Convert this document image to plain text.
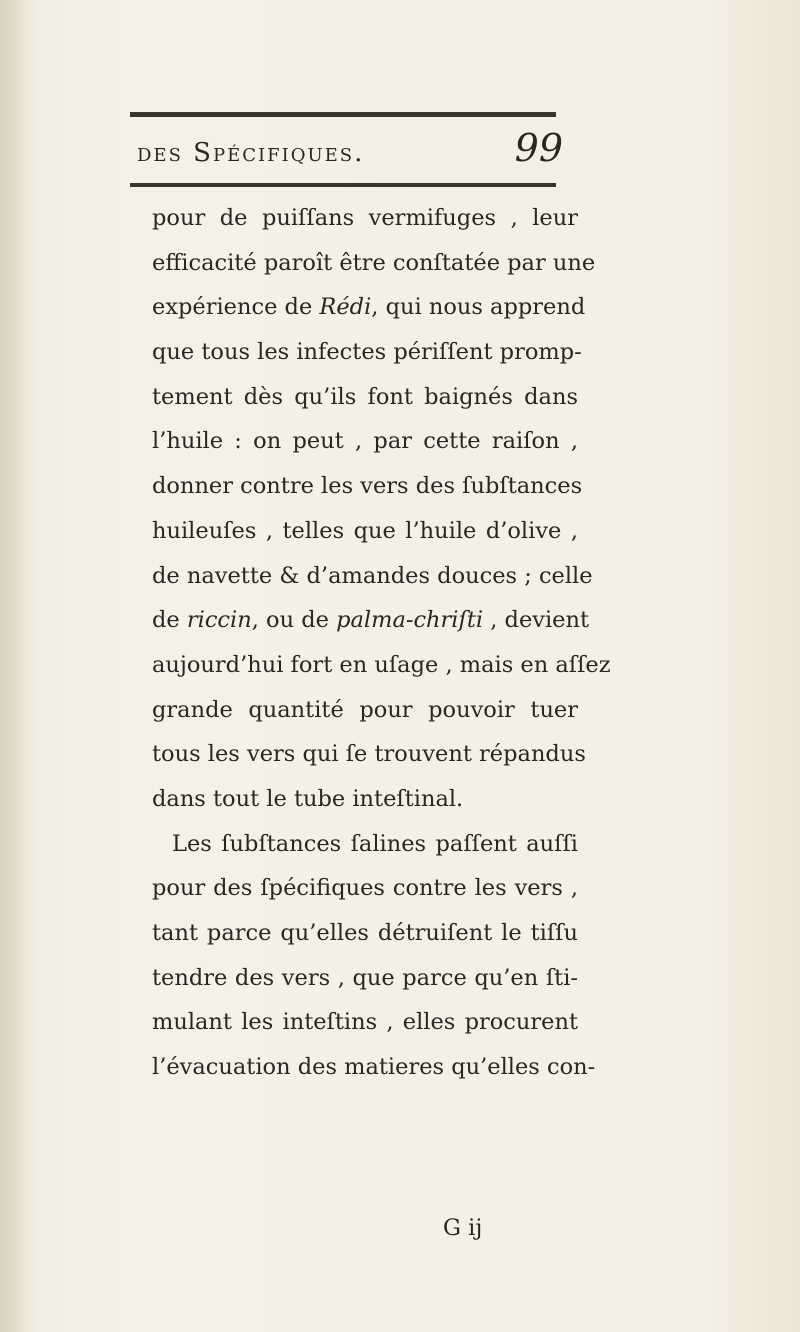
des Spécifiques.	99
pour de puiſſans vermifuges , leur
efficacité paroît être conſtatée par une
expérience de Rédi, qui nous apprend
que tous les infectes périſſent promp-
tement dès qu’ils font baignés dans
l’huile : on peut , par cette raiſon ,
donner contre les vers des ſubſtances
huileuſes , telles que l’huile d’olive ,
de navette & d’amandes douces ; celle
de riccin, ou de palma-chriſti , devient
aujourd’hui fort en uſage , mais en aſſez
grande quantité pour pouvoir tuer
tous les vers qui ſe trouvent répandus
dans tout le tube inteſtinal.
Les ſubſtances ſalines paſſent auſſi
pour des ſpécifiques contre les vers ,
tant parce qu’elles détruiſent le tiſſu
tendre des vers , que parce qu’en ſti-
mulant les inteſtins , elles procurent
l’évacuation des matieres qu’elles con-
G ij
